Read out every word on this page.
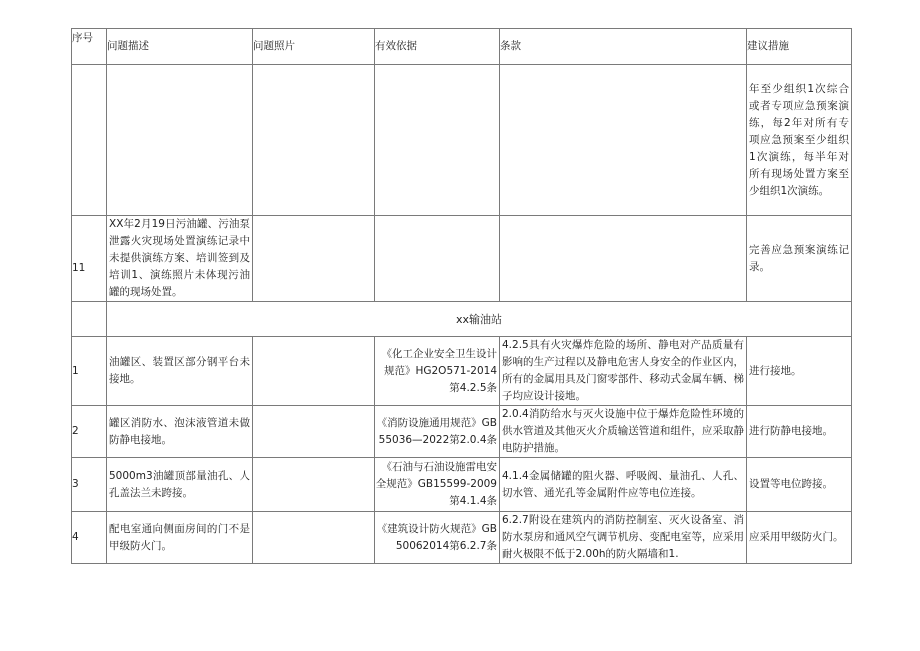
序号	问题描述	问题照片	有效依据	条款	建议措施
					年至少组织1次综合或者专项应急预案演练，每2年对所有专项应急预案至少组织1次演练，每半年对所有现场处置方案至少组织1次演练。
11	XX年2月19日污油罐、污油泵泄露火灾现场处置演练记录中未提供演练方案、培训签到及培训1、演练照片未体现污油罐的现场处置。				完善应急预案演练记录。
	xx输油站				
1	油罐区、装置区部分钢平台未接地。		《化工企业安全卫生设计规范》HG2O571-2014第4.2.5条	4.2.5具有火灾爆炸危险的场所、静电对产品质量有影响的生产过程以及静电危害人身安全的作业区内，所有的金属用具及门窗零部件、移动式金属车辆、梯子均应设计接地。	进行接地。
2	罐区消防水、泡沫液管道未做防静电接地。		《消防设施通用规范》GB55036—2022第2.0.4条	2.0.4消防给水与灭火设施中位于爆炸危险性环境的供水管道及其他灭火介质输送管道和组件，应采取静电防护措施。	进行防静电接地。
3	5000m3油罐顶部量油孔、人孔盖法兰未跨接。		《石油与石油设施雷电安全规范》GB15599-2009第4.1.4条	4.1.4金属储罐的阻火器、呼吸阀、量油孔、人孔、切水管、通光孔等金属附件应等电位连接。	设置等电位跨接。
4	配电室通向侧面房间的门不是甲级防火门。		《建筑设计防火规范》GB50062014第6.2.7条	6.2.7附设在建筑内的消防控制室、灭火设备室、消防水泵房和通风空气调节机房、变配电室等，应采用耐火极限不低于2.00h的防火隔墙和1.	应采用甲级防火门。
